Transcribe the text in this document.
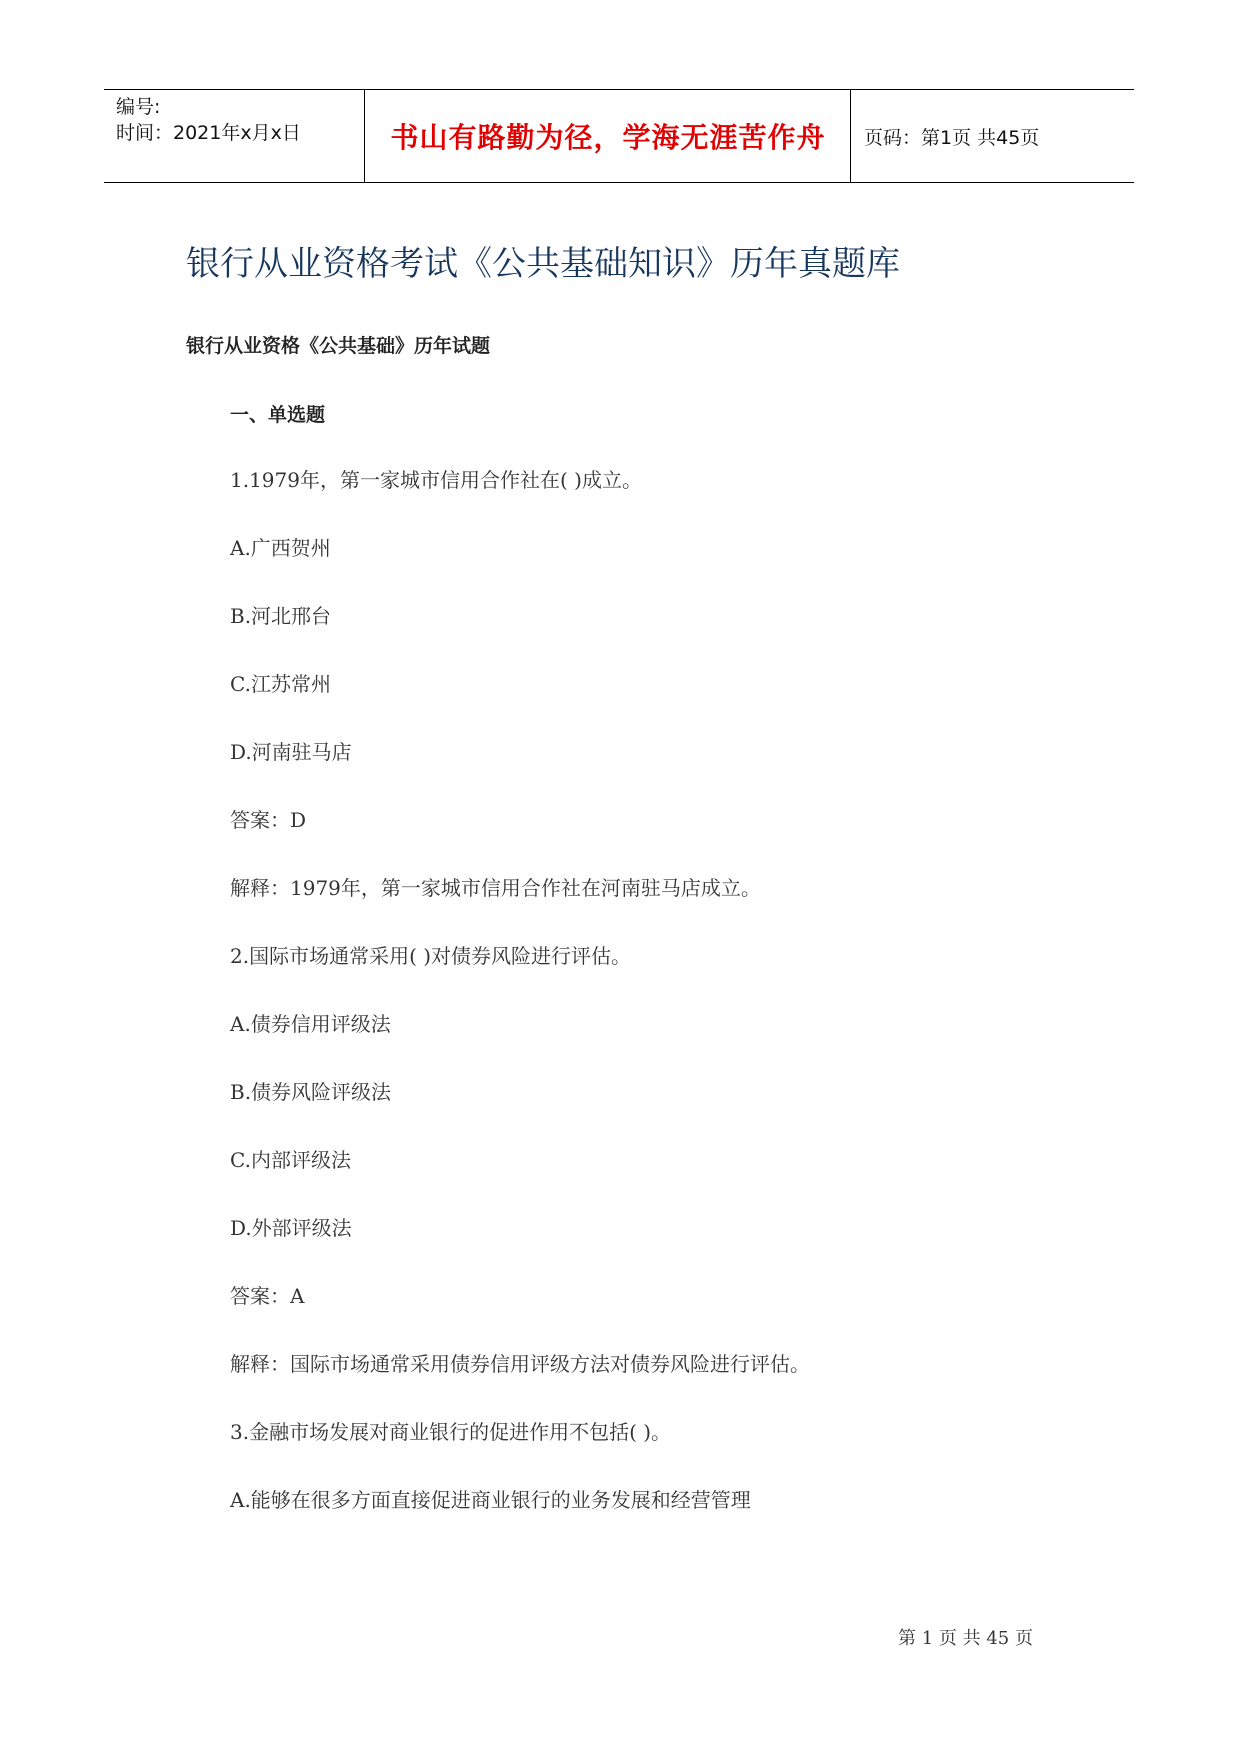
编号:
时间：2021年x月x日	书山有路勤为径，学海无涯苦作舟 页码：第1页 共45页
银行从业资格考试《公共基础知识》历年真题库
银行从业资格《公共基础》历年试题
一、单选题
1.1979年，第一家城市信用合作社在( )成立。
A.广西贺州
B.河北邢台
C.江苏常州
D.河南驻马店
答案：D
解释：1979年，第一家城市信用合作社在河南驻马店成立。
2.国际市场通常采用( )对债券风险进行评估。
A.债券信用评级法
B.债券风险评级法
C.内部评级法
D.外部评级法
答案：A
解释：国际市场通常采用债券信用评级方法对债券风险进行评估。
3.金融市场发展对商业银行的促进作用不包括( )。
A.能够在很多方面直接促进商业银行的业务发展和经营管理
第 1 页 共 45 页
